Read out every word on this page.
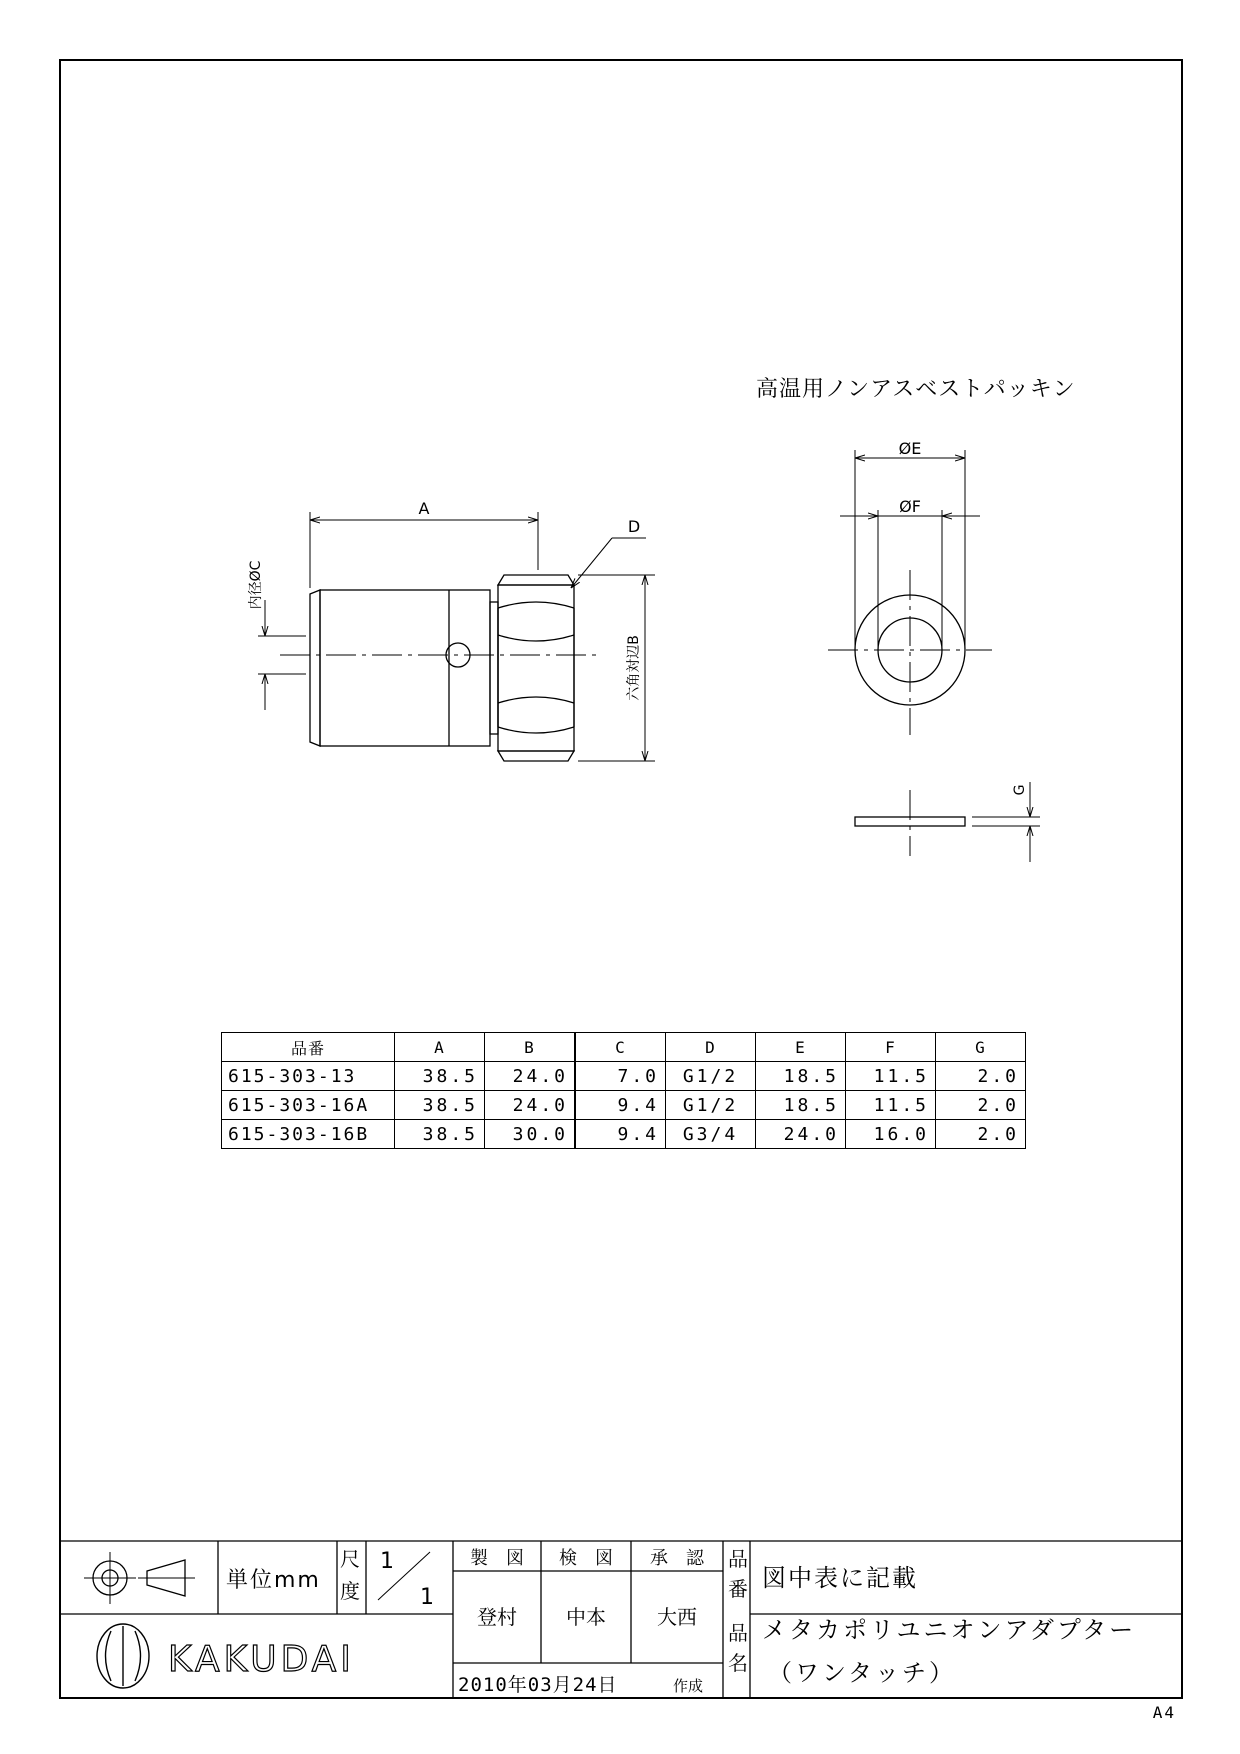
A
D
六角対辺B
内径ØC
高温用ノンアスベストパッキン
ØE
ØF
G
KAKUDAI
単位mm
尺
度
1
1
製　図 検　図 承　認
登村 中本	大西
2010年03月24日	作成
品
番
品
名
図中表に記載
メタカポリユニオンアダプター
（ワンタッチ）
品番	A	B	C	D	E	F	G
615-303-13	38.5	24.0	7.0	G1/2	18.5	11.5	2.0
615-303-16A	38.5	24.0	9.4	G1/2	18.5	11.5	2.0
615-303-16B	38.5	30.0	9.4	G3/4	24.0	16.0	2.0
A4
